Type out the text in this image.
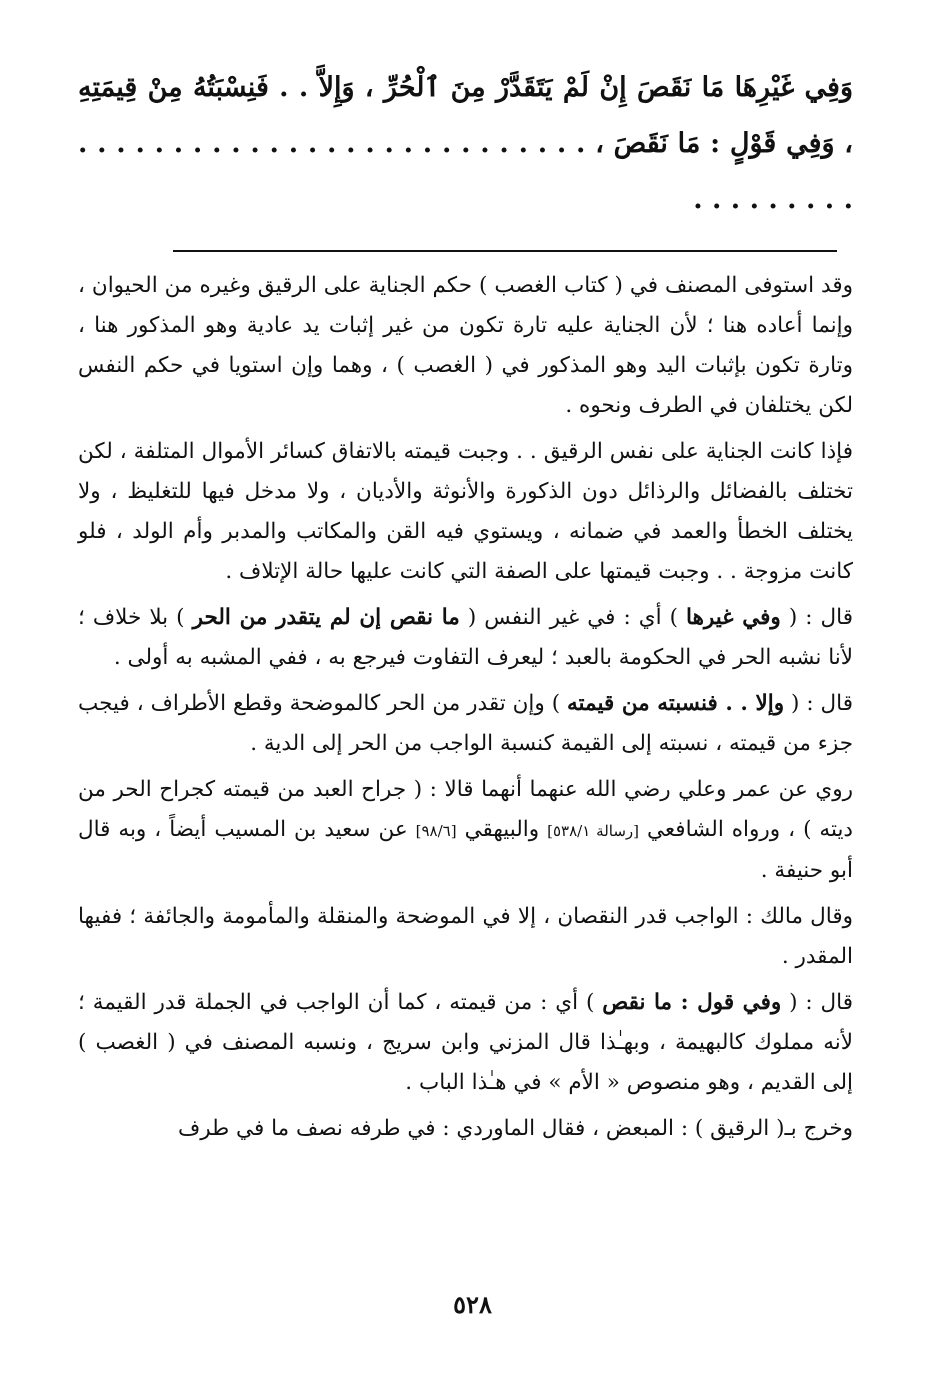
وَفِي غَيْرِهَا مَا نَقَصَ إِنْ لَمْ يَتَقَدَّرْ مِنَ ٱلْحُرِّ ، وَإِلاَّ . . فَنِسْبَتُهُ مِنْ قِيمَتِهِ ، وَفِي قَوْلٍ : مَا نَقَصَ ، . . . . . . . . . . . . . . . . . . . . . . . . . . . . . . . . . . . .

وقد استوفى المصنف في ( كتاب الغصب ) حكم الجناية على الرقيق وغيره من الحيوان ، وإنما أعاده هنا ؛ لأن الجناية عليه تارة تكون من غير إثبات يد عادية وهو المذكور هنا ، وتارة تكون بإثبات اليد وهو المذكور في ( الغصب ) ، وهما وإن استويا في حكم النفس لكن يختلفان في الطرف ونحوه .

فإذا كانت الجناية على نفس الرقيق . . وجبت قيمته بالاتفاق كسائر الأموال المتلفة ، لكن تختلف بالفضائل والرذائل دون الذكورة والأنوثة والأديان ، ولا مدخل فيها للتغليظ ، ولا يختلف الخطأ والعمد في ضمانه ، ويستوي فيه القن والمكاتب والمدبر وأم الولد ، فلو كانت مزوجة . . وجبت قيمتها على الصفة التي كانت عليها حالة الإتلاف .

قال : ( وفي غيرها ) أي : في غير النفس ( ما نقص إن لم يتقدر من الحر ) بلا خلاف ؛ لأنا نشبه الحر في الحكومة بالعبد ؛ ليعرف التفاوت فيرجع به ، ففي المشبه به أولى .

قال : ( وإلا . . فنسبته من قيمته ) وإن تقدر من الحر كالموضحة وقطع الأطراف ، فيجب جزء من قيمته ، نسبته إلى القيمة كنسبة الواجب من الحر إلى الدية .

روي عن عمر وعلي رضي الله عنهما أنهما قالا : ( جراح العبد من قيمته كجراح الحر من ديته ) ، ورواه الشافعي [رسالة ٥٣٨/١] والبيهقي [٩٨/٦] عن سعيد بن المسيب أيضاً ، وبه قال أبو حنيفة .

وقال مالك : الواجب قدر النقصان ، إلا في الموضحة والمنقلة والمأمومة والجائفة ؛ ففيها المقدر .

قال : ( وفي قول : ما نقص ) أي : من قيمته ، كما أن الواجب في الجملة قدر القيمة ؛ لأنه مملوك كالبهيمة ، وبهـٰذا قال المزني وابن سريج ، ونسبه المصنف في ( الغصب ) إلى القديم ، وهو منصوص « الأم » في هـٰذا الباب .

وخرج بـ( الرقيق ) : المبعض ، فقال الماوردي : في طرفه نصف ما في طرف

٥٢٨
